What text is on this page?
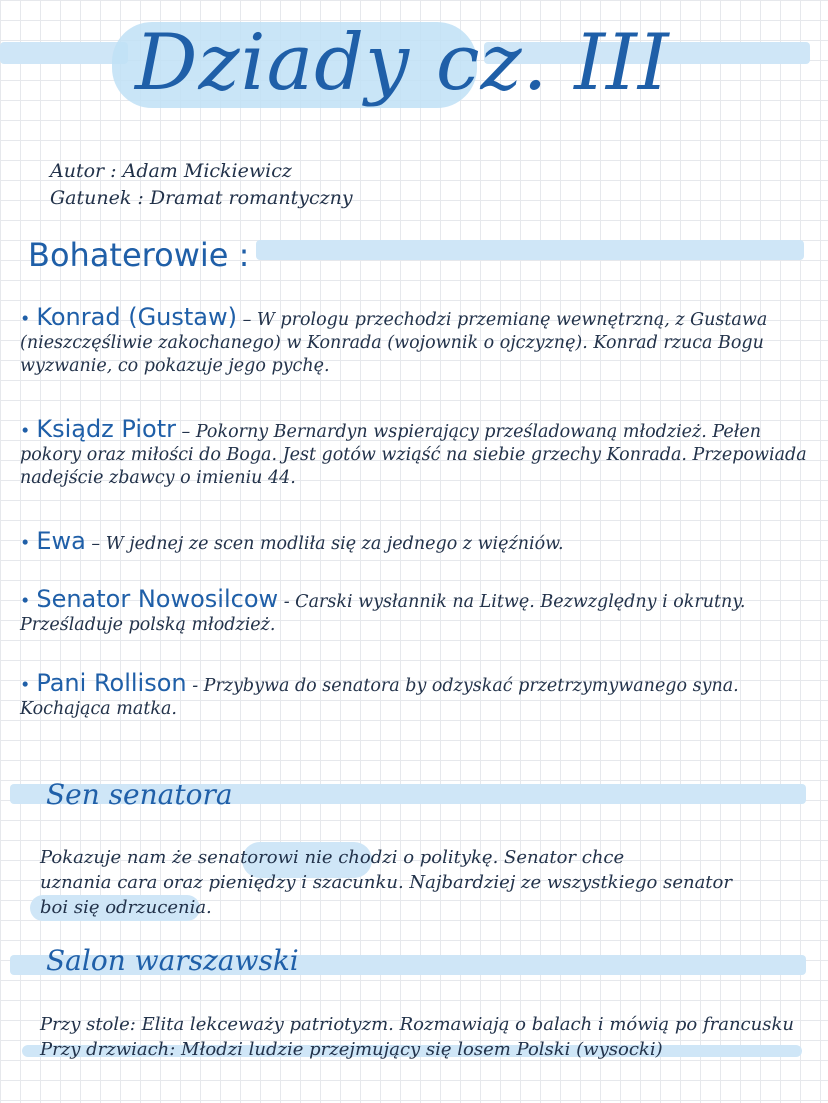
Dziady cz. III
Autor : Adam Mickiewicz
Gatunek : Dramat romantyczny
Bohaterowie :
• Konrad (Gustaw) – W prologu przechodzi przemianę wewnętrzną, z Gustawa (nieszczęśliwie zakochanego) w Konrada (wojownik o ojczyznę). Konrad rzuca Bogu wyzwanie, co pokazuje jego pychę.
• Ksiądz Piotr – Pokorny Bernardyn wspierający prześladowaną młodzież. Pełen pokory oraz miłości do Boga. Jest gotów wziąść na siebie grzechy Konrada. Przepowiada nadejście zbawcy o imieniu 44.
• Ewa – W jednej ze scen modliła się za jednego z więźniów.
• Senator Nowosilcow - Carski wysłannik na Litwę. Bezwzględny i okrutny. Prześladuje polską młodzież.
• Pani Rollison - Przybywa do senatora by odzyskać przetrzymywanego syna. Kochająca matka.
Sen senatora
Pokazuje nam że senatorowi nie chodzi o politykę. Senator chce
uznania cara oraz pieniędzy i szacunku. Najbardziej ze wszystkiego senator
boi się odrzucenia.
Salon warszawski
Przy stole: Elita lekceważy patriotyzm. Rozmawiają o balach i mówią po francusku
Przy drzwiach: Młodzi ludzie przejmujący się losem Polski (wysocki)
